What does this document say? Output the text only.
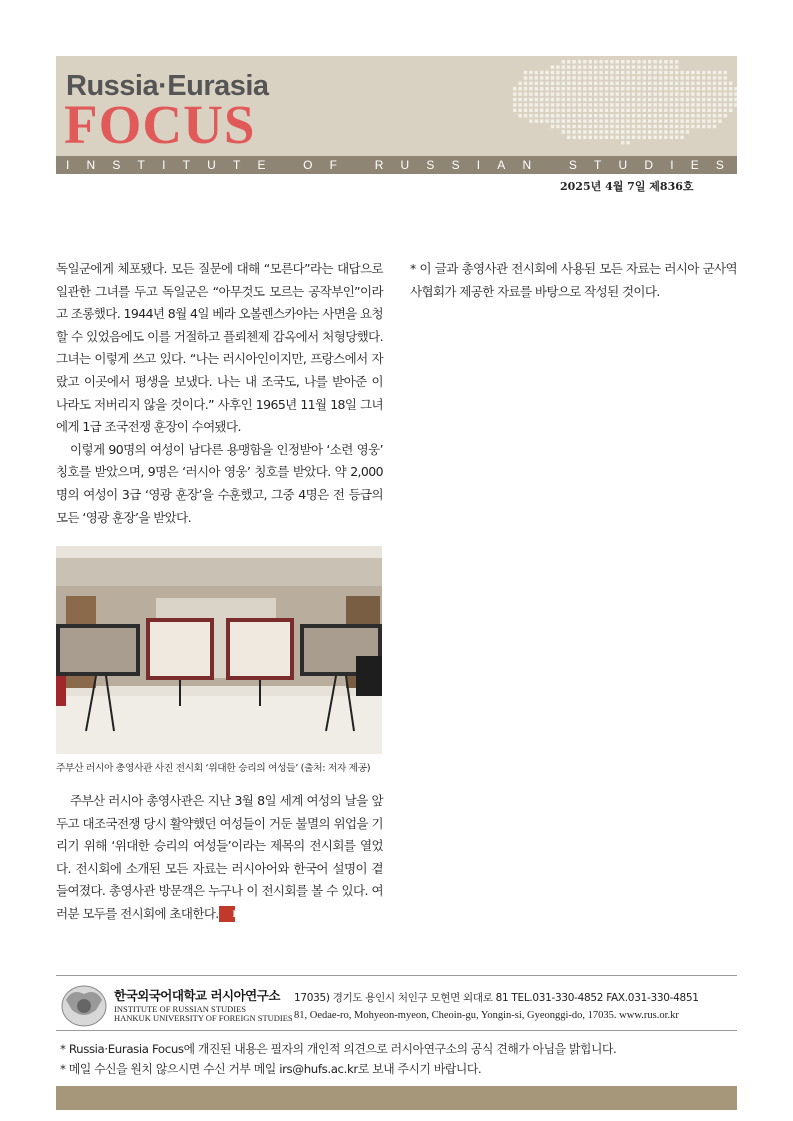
Russia·Eurasia
FOCUS
I N S T I T U T E
	O F
	R U S S I A N
	S T U D I E S
2025년 4월 7일 제836호

독일군에게 체포됐다. 모든 질문에 대해 “모른다”라는 대답으로 일관한 그녀를 두고 독일군은 “아무것도 모르는 공작부인”이라고 조롱했다. 1944년 8월 4일 베라 오볼렌스카야는 사면을 요청할 수 있었음에도 이를 거절하고 플뢰첸제 감옥에서 처형당했다. 그녀는 이렇게 쓰고 있다. “나는 러시아인이지만, 프랑스에서 자랐고 이곳에서 평생을 보냈다. 나는 내 조국도, 나를 받아준 이 나라도 저버리지 않을 것이다.” 사후인 1965년 11월 18일 그녀에게 1급 조국전쟁 훈장이 수여됐다.

이렇게 90명의 여성이 남다른 용맹함을 인정받아 ‘소련 영웅’ 칭호를 받았으며, 9명은 ‘러시아 영웅’ 칭호를 받았다. 약 2,000명의 여성이 3급 ‘영광 훈장’을 수훈했고, 그중 4명은 전 등급의 모든 ‘영광 훈장’을 받았다.

주부산 러시아 총영사관 사진 전시회 ‘위대한 승리의 여성들’ (출처: 저자 제공)

주부산 러시아 총영사관은 지난 3월 8일 세계 여성의 날을 앞두고 대조국전쟁 당시 활약했던 여성들이 거둔 불멸의 위업을 기리기 위해 ‘위대한 승리의 여성들’이라는 제목의 전시회를 열었다. 전시회에 소개된 모든 자료는 러시아어와 한국어 설명이 곁들여졌다. 총영사관 방문객은 누구나 이 전시회를 볼 수 있다. 여러분 모두를 전시회에 초대한다. RS

* 이 글과 총영사관 전시회에 사용된 모든 자료는 러시아 군사역사협회가 제공한 자료를 바탕으로 작성된 것이다.

한국외국어대학교 러시아연구소
INSTITUTE OF RUSSIAN STUDIES
HANKUK UNIVERSITY OF FOREIGN STUDIES
17035) 경기도 용인시 처인구 모현면 외대로 81 TEL.031-330-4852 FAX.031-330-4851
81, Oedae-ro, Mohyeon-myeon, Cheoin-gu, Yongin-si, Gyeonggi-do, 17035. www.rus.or.kr
* Russia·Eurasia Focus에 개진된 내용은 필자의 개인적 의견으로 러시아연구소의 공식 견해가 아님을 밝힙니다.
* 메일 수신을 원치 않으시면 수신 거부 메일 irs@hufs.ac.kr로 보내 주시기 바랍니다.
